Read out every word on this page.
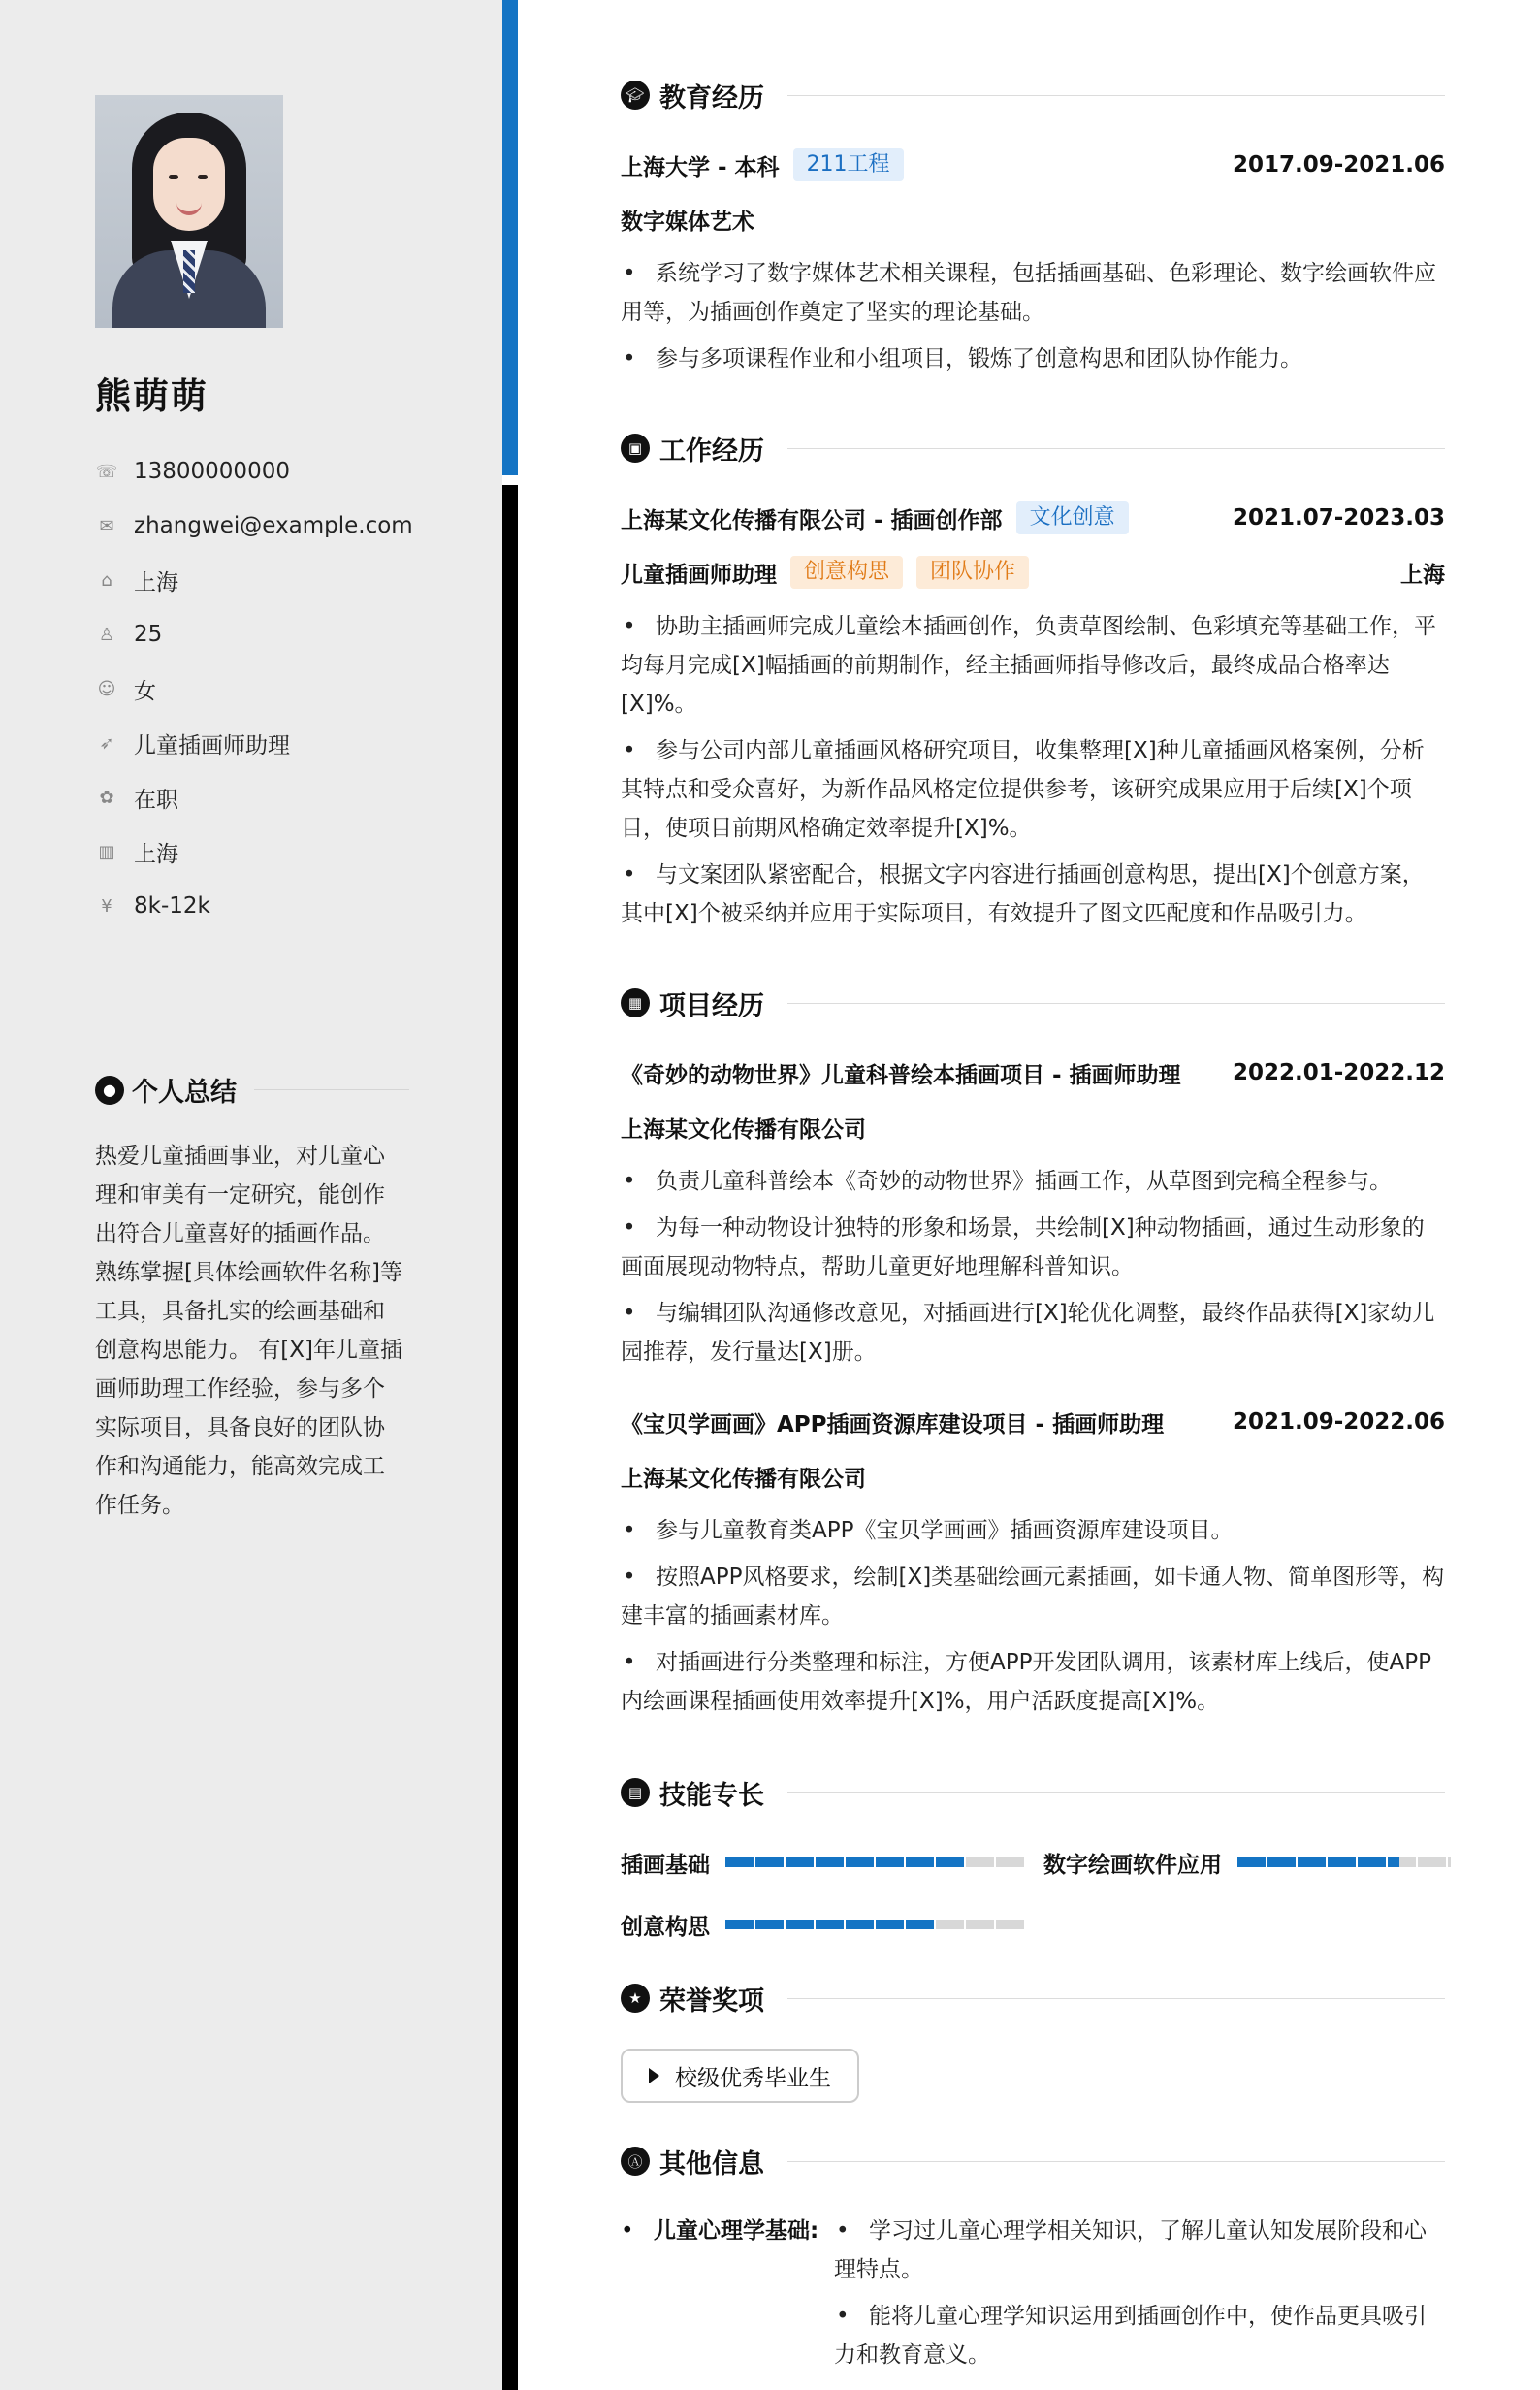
熊萌萌
☏ 13800000000
✉ zhangwei@example.com
⌂ 上海
♙ 25
☺ 女
➶ 儿童插画师助理
✿ 在职
▥ 上海
¥ 8k-12k
● 个人总结

热爱儿童插画事业，对儿童心理和审美有一定研究，能创作出符合儿童喜好的插画作品。熟练掌握[具体绘画软件名称]等工具，具备扎实的绘画基础和创意构思能力。 有[X]年儿童插画师助理工作经验，参与多个实际项目，具备良好的团队协作和沟通能力，能高效完成工作任务。

🎓︎ 教育经历
上海大学 - 本科	211工程	2017.09-2021.06
数字媒体艺术
• 系统学习了数字媒体艺术相关课程，包括插画基础、色彩理论、数字绘画软件应用等，为插画创作奠定了坚实的理论基础。
• 参与多项课程作业和小组项目，锻炼了创意构思和团队协作能力。
▣ 工作经历
上海某文化传播有限公司 - 插画创作部	文化创意	2021.07-2023.03
儿童插画师助理	创意构思	团队协作	上海
• 协助主插画师完成儿童绘本插画创作，负责草图绘制、色彩填充等基础工作，平均每月完成[X]幅插画的前期制作，经主插画师指导修改后，最终成品合格率达[X]%。
• 参与公司内部儿童插画风格研究项目，收集整理[X]种儿童插画风格案例，分析其特点和受众喜好，为新作品风格定位提供参考，该研究成果应用于后续[X]个项目，使项目前期风格确定效率提升[X]%。
• 与文案团队紧密配合，根据文字内容进行插画创意构思，提出[X]个创意方案，其中[X]个被采纳并应用于实际项目，有效提升了图文匹配度和作品吸引力。
▦ 项目经历
《奇妙的动物世界》儿童科普绘本插画项目 - 插画师助理 2022.01-2022.12
上海某文化传播有限公司
• 负责儿童科普绘本《奇妙的动物世界》插画工作，从草图到完稿全程参与。
• 为每一种动物设计独特的形象和场景，共绘制[X]种动物插画，通过生动形象的画面展现动物特点，帮助儿童更好地理解科普知识。
• 与编辑团队沟通修改意见，对插画进行[X]轮优化调整，最终作品获得[X]家幼儿园推荐，发行量达[X]册。
《宝贝学画画》APP插画资源库建设项目 - 插画师助理	2021.09-2022.06
上海某文化传播有限公司
• 参与儿童教育类APP《宝贝学画画》插画资源库建设项目。
• 按照APP风格要求，绘制[X]类基础绘画元素插画，如卡通人物、简单图形等，构建丰富的插画素材库。
• 对插画进行分类整理和标注，方便APP开发团队调用，该素材库上线后，使APP内绘画课程插画使用效率提升[X]%，用户活跃度提高[X]%。
▤ 技能专长
插画基础	数字绘画软件应用
创意构思
★ 荣誉奖项
校级优秀毕业生
Ⓐ 其他信息
• 儿童心理学基础:
•	学习过儿童心理学相关知识，了解儿童认知发展阶段和心理特点。
• 能将儿童心理学知识运用到插画创作中，使作品更具吸引力和教育意义。
